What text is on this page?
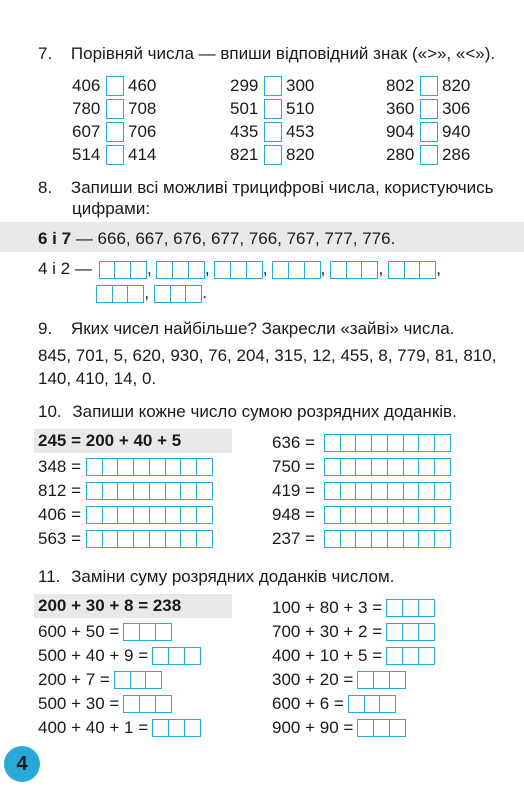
7. Порівняй числа — впиши відповідний знак («>», «<»).
406	460
780	708
607	706
514	414
299	300
501	510
435	453
821	820
802	820
360	306
904	940
280	286
8. Запиши всі можливі трицифрові числа, користуючись
цифрами:
6 і 7 — 666, 667, 676, 677, 766, 767, 777, 776.
4 і 2 —	,	,	,	,	,	,
,	.
9. Яких чисел найбільше? Закресли «зайві» числа.
845, 701, 5, 620, 930, 76, 204, 315, 12, 455, 8, 779, 81, 810,
140, 410, 14, 0.
10. Запиши кожне число сумою розрядних доданків.
245 = 200 + 40 + 5
348 =
812 =
406 =
563 =
636 =
750 =
419 =
948 =
237 =
11. Заміни суму розрядних доданків числом.
200 + 30 + 8 = 238
600 + 50 =
500 + 40 + 9 =
200 + 7 =
500 + 30 =
400 + 40 + 1 =
100 + 80 + 3 =
700 + 30 + 2 =
400 + 10 + 5 =
300 + 20 =
600 + 6 =
900 + 90 =
4
